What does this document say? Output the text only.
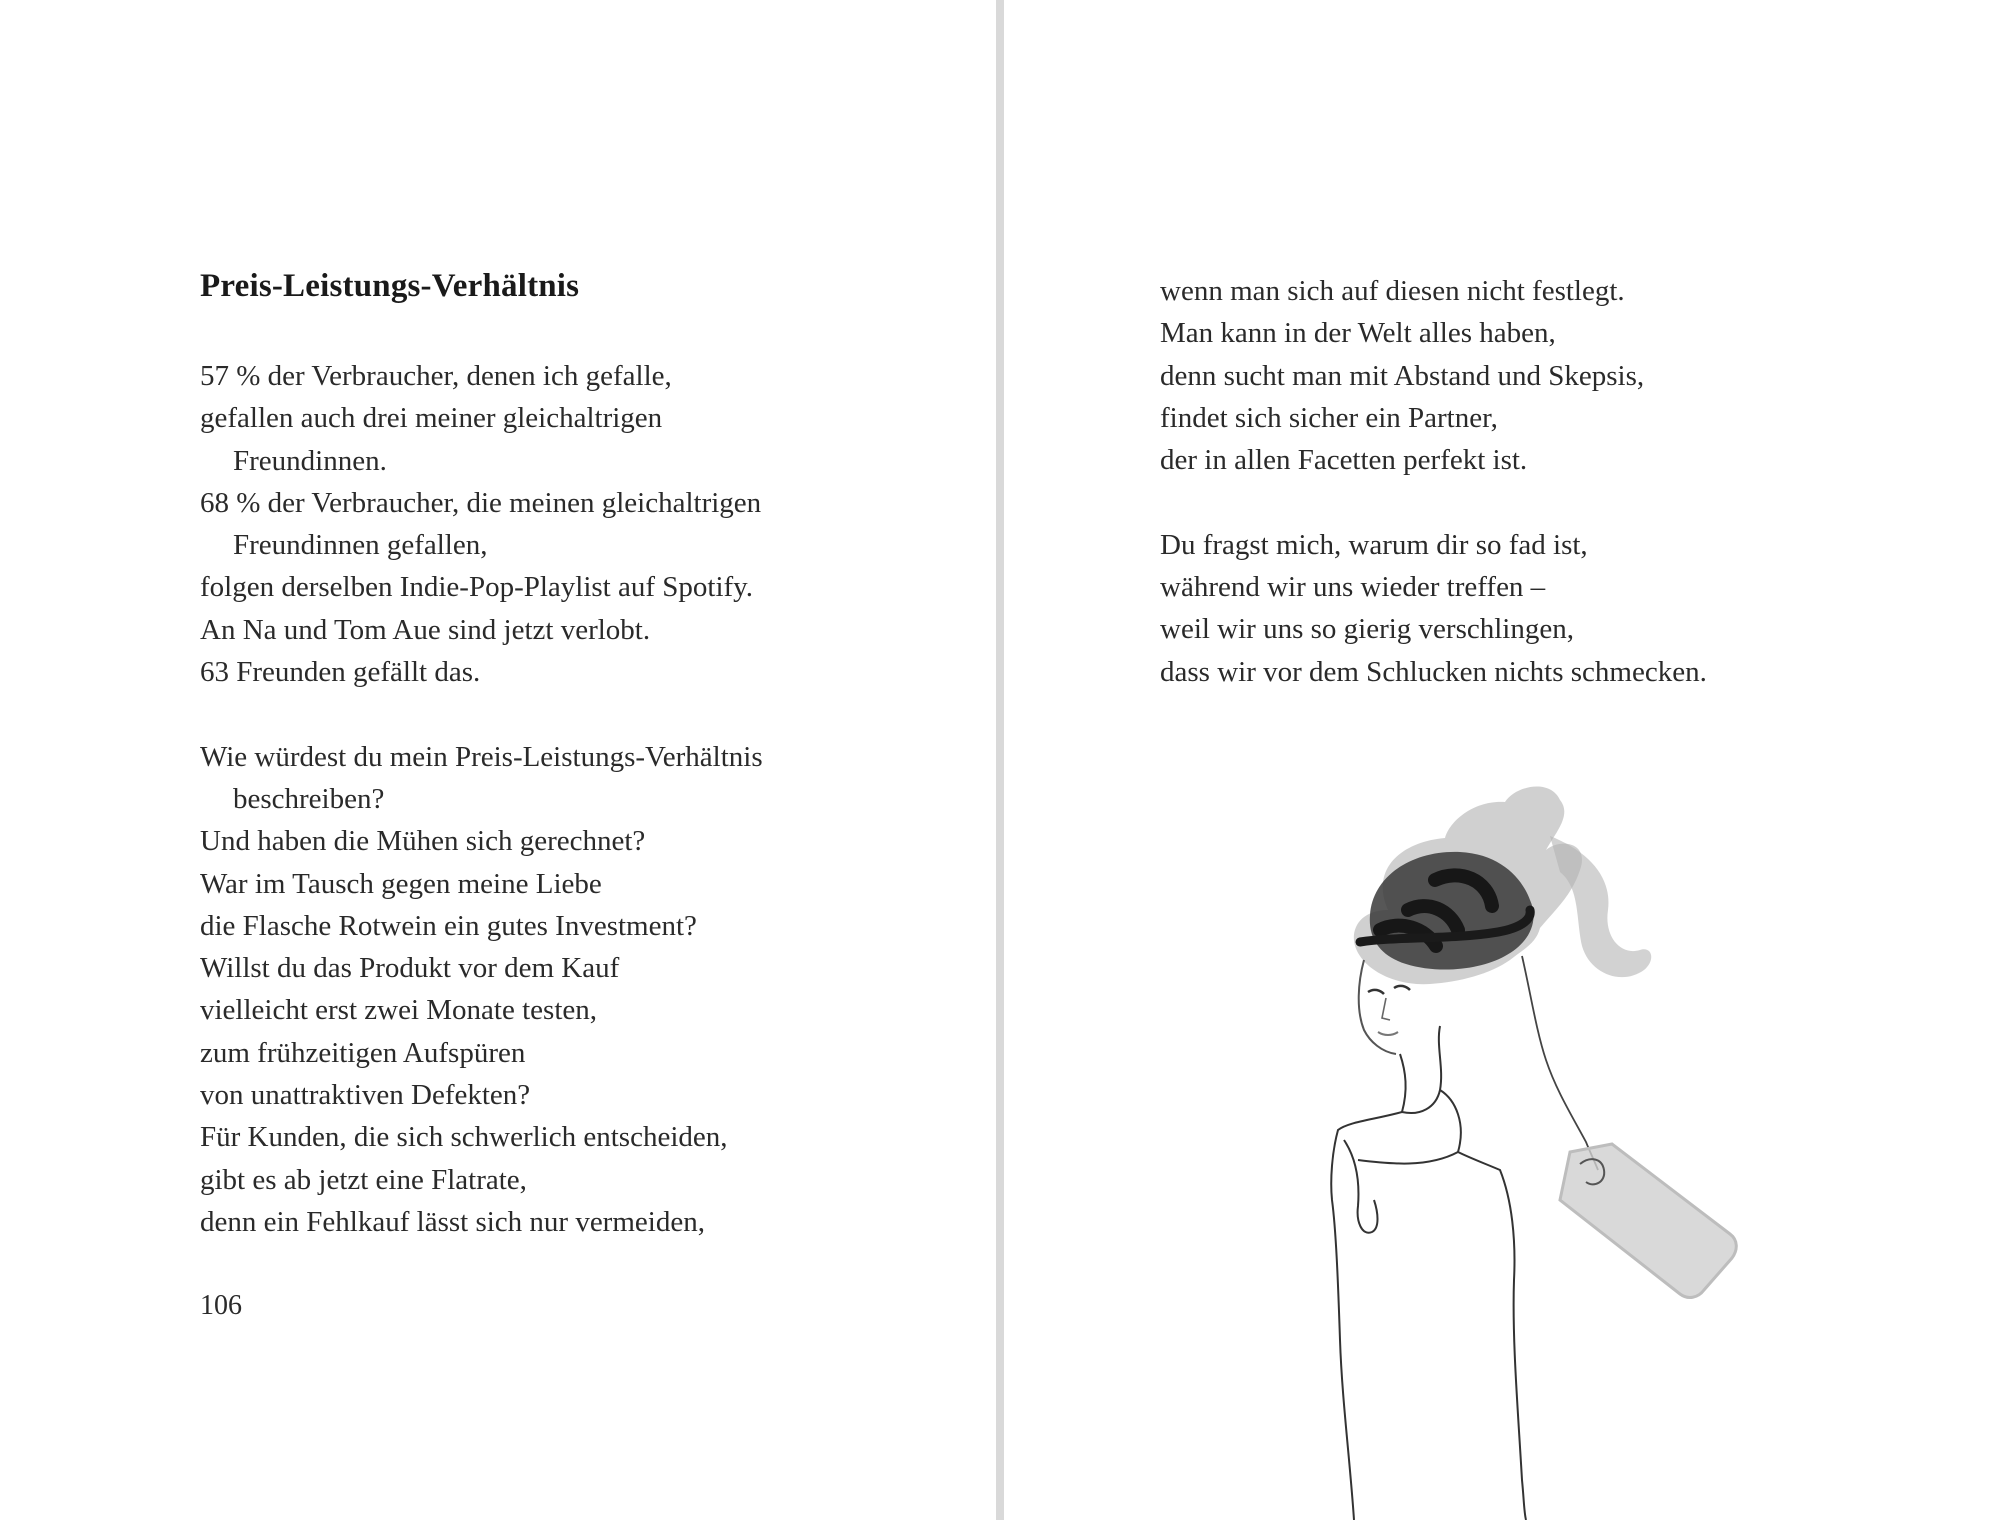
Preis-Leistungs-Verhältnis
57 % der Verbraucher, denen ich gefalle,
gefallen auch drei meiner gleichaltrigen
Freundinnen.
68 % der Verbraucher, die meinen gleichaltrigen
Freundinnen gefallen,
folgen derselben Indie-Pop-Playlist auf Spotify.
An Na und Tom Aue sind jetzt verlobt.
63 Freunden gefällt das.
Wie würdest du mein Preis-Leistungs-Verhältnis
beschreiben?
Und haben die Mühen sich gerechnet?
War im Tausch gegen meine Liebe
die Flasche Rotwein ein gutes Investment?
Willst du das Produkt vor dem Kauf
vielleicht erst zwei Monate testen,
zum frühzeitigen Aufspüren
von unattraktiven Defekten?
Für Kunden, die sich schwerlich entscheiden,
gibt es ab jetzt eine Flatrate,
denn ein Fehlkauf lässt sich nur vermeiden,
106
wenn man sich auf diesen nicht festlegt.
Man kann in der Welt alles haben,
denn sucht man mit Abstand und Skepsis,
findet sich sicher ein Partner,
der in allen Facetten perfekt ist.
Du fragst mich, warum dir so fad ist,
während wir uns wieder treffen –
weil wir uns so gierig verschlingen,
dass wir vor dem Schlucken nichts schmecken.
